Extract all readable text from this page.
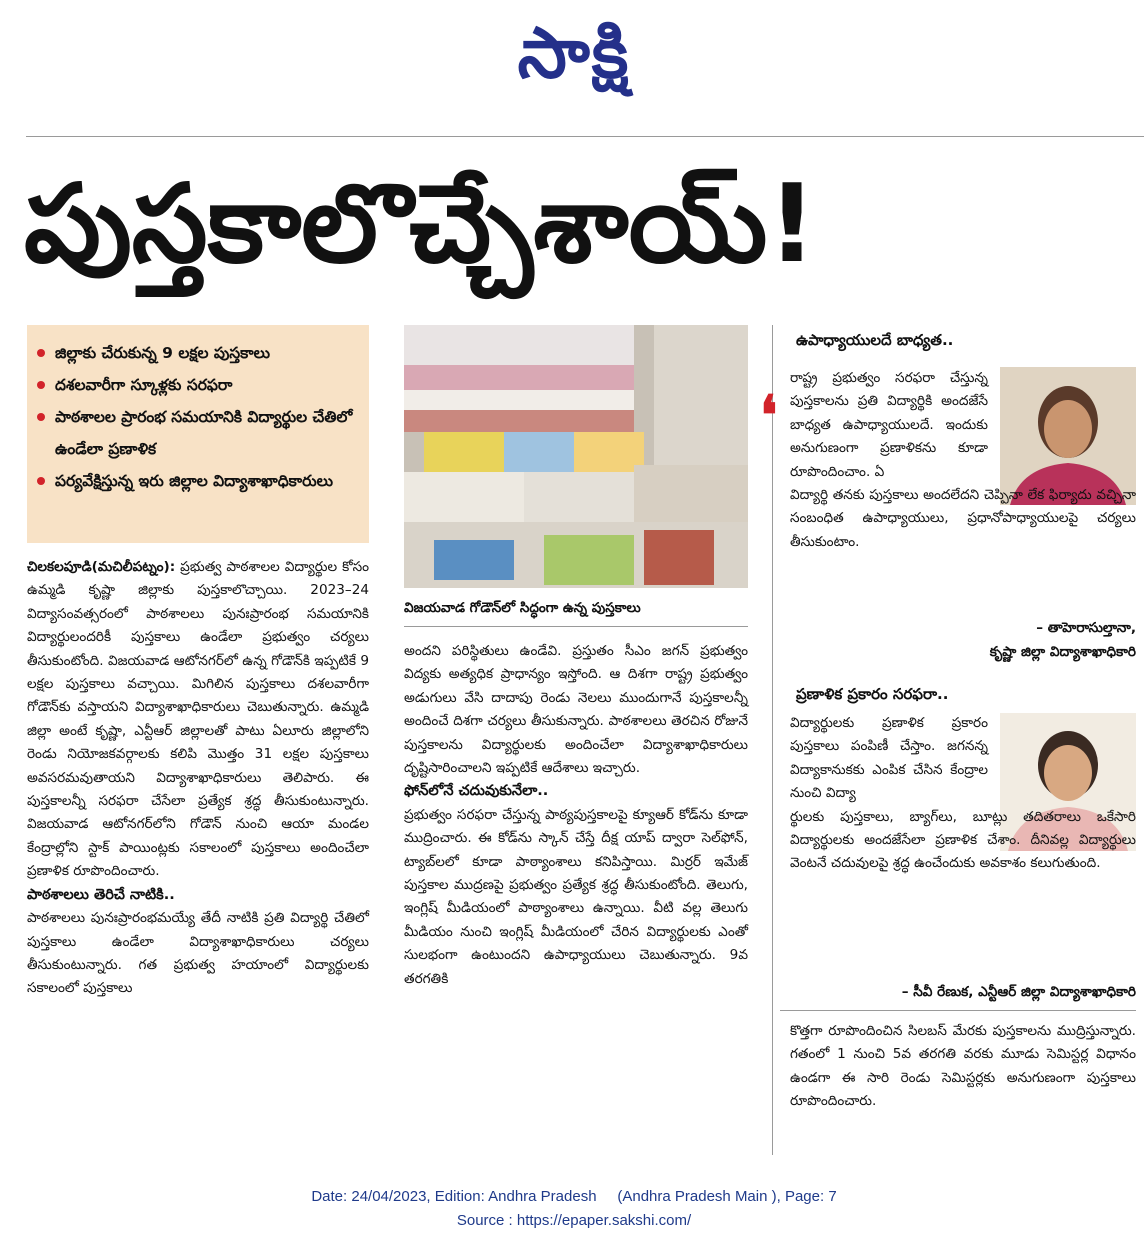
సాక్షి
పుస్తకాలొచ్చేశాయ్‌!
జిల్లాకు చేరుకున్న 9 లక్షల పుస్తకాలు
దశలవారీగా స్కూళ్లకు సరఫరా
పాఠశాలల ప్రారంభ సమయానికి విద్యార్థుల చేతిలో ఉండేలా ప్రణాళిక
పర్యవేక్షిస్తున్న ఇరు జిల్లాల విద్యాశాఖాధికారులు

చిలకలపూడి(మచిలీపట్నం): ప్రభుత్వ పాఠశాలల విద్యార్థుల కోసం ఉమ్మడి కృష్ణా జిల్లాకు పుస్తకాలొచ్చాయి. 2023–24 విద్యాసంవత్సరంలో పాఠశాలలు పునఃప్రారంభ సమయానికి విద్యార్థులందరికీ పుస్తకాలు ఉండేలా ప్రభుత్వం చర్యలు తీసుకుంటోంది. విజయవాడ ఆటోనగర్‌లో ఉన్న గోడౌన్‌కి ఇప్పటికే 9 లక్షల పుస్తకాలు వచ్చాయి. మిగిలిన పుస్తకాలు దశలవారీగా గోడౌన్‌కు వస్తాయని విద్యాశాఖాధికారులు చెబుతున్నారు. ఉమ్మడి జిల్లా అంటే కృష్ణా, ఎన్టీఆర్‌ జిల్లాలతో పాటు ఏలూరు జిల్లాలోని రెండు నియోజకవర్గాలకు కలిపి మొత్తం 31 లక్షల పుస్తకాలు అవసరమవుతాయని విద్యాశాఖాధికారులు తెలిపారు. ఈ పుస్తకాలన్నీ సరఫరా చేసేలా ప్రత్యేక శ్రద్ధ తీసుకుంటున్నారు. విజయవాడ ఆటోనగర్‌లోని గోడౌన్‌ నుంచి ఆయా మండల కేంద్రాల్లోని స్టాక్‌ పాయింట్లకు సకాలంలో పుస్తకాలు అందించేలా ప్రణాళిక రూపొందించారు.

పాఠశాలలు తెరిచే నాటికి..

పాఠశాలలు పునఃప్రారంభమయ్యే తేదీ నాటికి ప్రతి విద్యార్థి చేతిలో పుస్తకాలు ఉండేలా విద్యాశాఖాధికారులు చర్యలు తీసుకుంటున్నారు. గత ప్రభుత్వ హయాంలో విద్యార్థులకు సకాలంలో పుస్తకాలు

విజయవాడ గోడౌన్‌లో సిద్ధంగా ఉన్న పుస్తకాలు

అందని పరిస్థితులు ఉండేవి. ప్రస్తుతం సీఎం జగన్‌ ప్రభుత్వం విద్యకు అత్యధిక ప్రాధాన్యం ఇస్తోంది. ఆ దిశగా రాష్ట్ర ప్రభుత్వం అడుగులు వేసి దాదాపు రెండు నెలలు ముందుగానే పుస్తకాలన్నీ అందించే దిశగా చర్యలు తీసుకున్నారు. పాఠశాలలు తెరచిన రోజునే పుస్తకాలను విద్యార్థులకు అందించేలా విద్యాశాఖాధికారులు దృష్టిసారించాలని ఇప్పటికే ఆదేశాలు ఇచ్చారు.

ఫోన్‌లోనే చదువుకునేలా..

ప్రభుత్వం సరఫరా చేస్తున్న పాఠ్యపుస్తకాలపై క్యూఆర్‌ కోడ్‌ను కూడా ముద్రించారు. ఈ కోడ్‌ను స్కాన్‌ చేస్తే దీక్ష యాప్‌ ద్వారా సెల్‌ఫోన్, ట్యాబ్‌లలో కూడా పాఠ్యాంశాలు కనిపిస్తాయి. మిర్రర్‌ ఇమేజ్‌ పుస్తకాల ముద్రణపై ప్రభుత్వం ప్రత్యేక శ్రద్ధ తీసుకుంటోంది. తెలుగు, ఇంగ్లిష్‌ మీడియంలో పాఠ్యాంశాలు ఉన్నాయి. వీటి వల్ల తెలుగు మీడియం నుంచి ఇంగ్లిష్‌ మీడియంలో చేరిన విద్యార్థులకు ఎంతో సులభంగా ఉంటుందని ఉపాధ్యాయులు చెబుతున్నారు. 9వ తరగతికి

ఉపాధ్యాయులదే బాధ్యత..
❛

రాష్ట్ర ప్రభుత్వం సరఫరా చేస్తున్న పుస్తకాలను ప్రతి విద్యార్థికి అందజేసే బాధ్యత ఉపాధ్యాయులదే. ఇందుకు అనుగుణంగా ప్రణాళికను కూడా రూపొందించాం. ఏ

విద్యార్థి తనకు పుస్తకాలు అందలేదని చెప్పినా లేక ఫిర్యాదు వచ్చినా సంబంధిత ఉపాధ్యాయులు, ప్రధానోపాధ్యాయులపై చర్యలు తీసుకుంటాం.

– తాహెరాసుల్తానా,
కృష్ణా జిల్లా విద్యాశాఖాధికారి
ప్రణాళిక ప్రకారం సరఫరా..

విద్యార్థులకు ప్రణాళిక ప్రకారం పుస్తకాలు పంపిణీ చేస్తాం. జగనన్న విద్యాకానుకకు ఎంపిక చేసిన కేంద్రాల నుంచి విద్యా

ర్థులకు పుస్తకాలు, బ్యాగ్‌లు, బూట్లు తదితరాలు ఒకేసారి విద్యార్థులకు అందజేసేలా ప్రణాళిక చేశాం. దీనివల్ల విద్యార్థులు వెంటనే చదువులపై శ్రద్ధ ఉంచేందుకు అవకాశం కలుగుతుంది.

– సీవీ రేణుక, ఎన్టీఆర్‌ జిల్లా విద్యాశాఖాధికారి

కొత్తగా రూపొందించిన సిలబస్‌ మేరకు పుస్తకాలను ముద్రిస్తున్నారు. గతంలో 1 నుంచి 5వ తరగతి వరకు మూడు సెమిస్టర్ల విధానం ఉండగా ఈ సారి రెండు సెమిస్టర్లకు అనుగుణంగా పుస్తకాలు రూపొందించారు.

Date: 24/04/2023, Edition: Andhra Pradesh     (Andhra Pradesh Main ), Page: 7
Source : https://epaper.sakshi.com/
